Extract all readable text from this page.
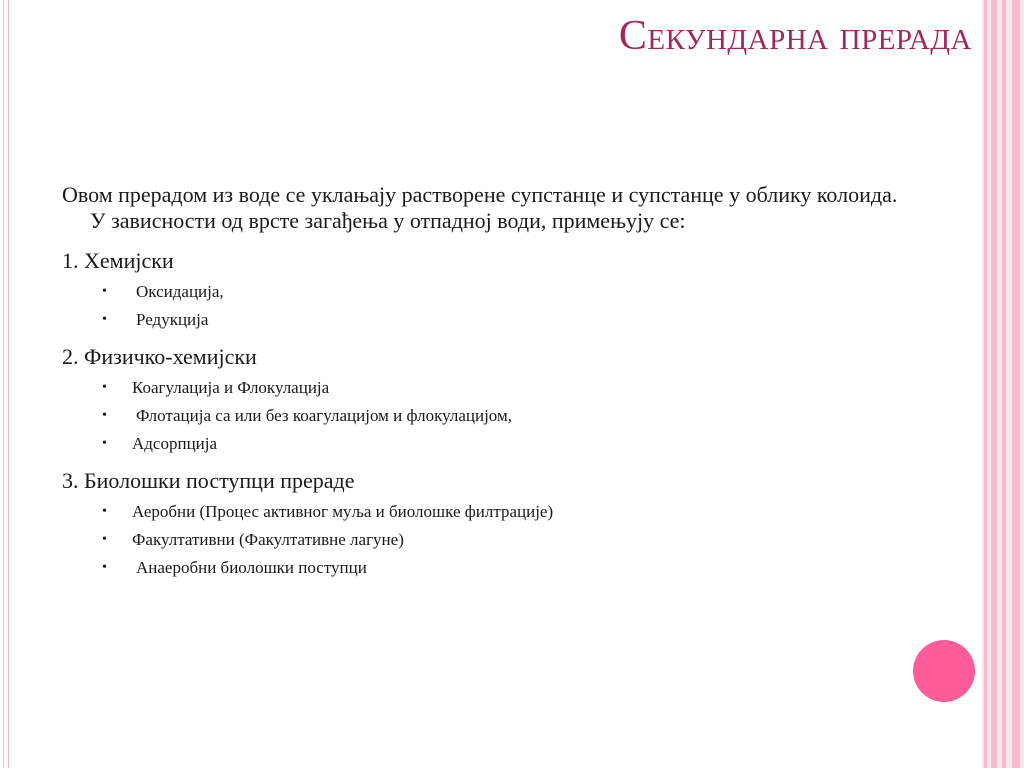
Секундарна прерада

Овом прерадом из воде се уклањају растворене супстанце и супстанце у облику колоида. У зависности од врсте загађења у отпадној води, примењују се:

1. Хемијски

• Оксидација,
• Редукција

2. Физичко-хемијски

• Коагулација и Флокулација
• Флотација са или без коагулацијом и флокулацијом,
• Адсорпција

3. Биолошки поступци прераде

• Аеробни (Процес активног муља и биолошке филтрације)
• Факултативни (Факултативне лагуне)
• Анаеробни биолошки поступци
